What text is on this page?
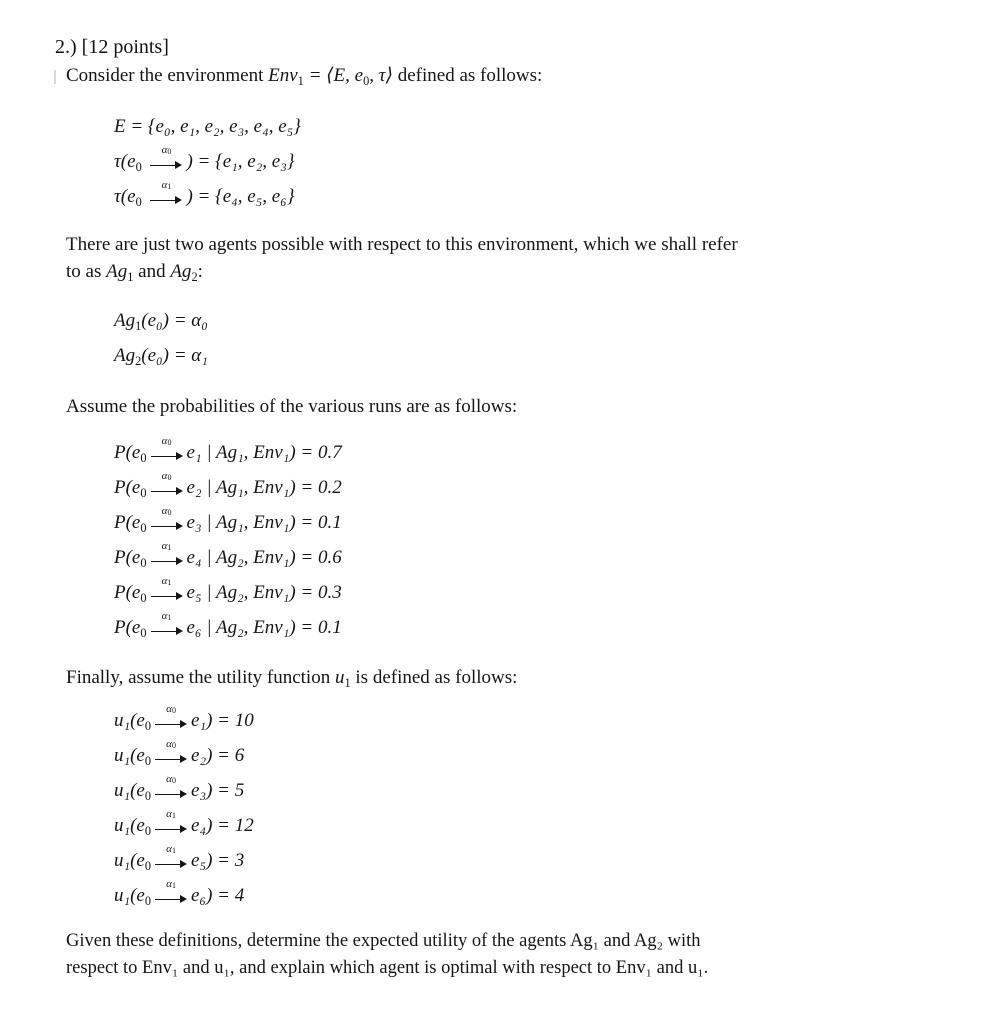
2.) [12 points]
Consider the environment Env1 = ⟨E, e0, τ⟩ defined as follows:
E = {e₀, e₁, e₂, e₃, e₄, e₅}
τ(e0
α0 ) = {e₁, e₂, e₃}
τ(e0
α1 ) = {e₄, e₅, e₆}
There are just two agents possible with respect to this environment, which we shall refer
to as Ag1 and Ag2:
Ag1(e₀) = α₀
Ag2(e₀) = α₁
Assume the probabilities of the various runs are as follows:
P(e0
α0 e₁ | Ag₁, Env₁) = 0.7
P(e0
α0 e₂ | Ag₁, Env₁) = 0.2
P(e0
α0 e₃ | Ag₁, Env₁) = 0.1
P(e0
α1 e₄ | Ag₂, Env₁) = 0.6
P(e0
α1 e₅ | Ag₂, Env₁) = 0.3
P(e0
α1 e₆ | Ag₂, Env₁) = 0.1
Finally, assume the utility function u1 is defined as follows:
u₁(e0
α0 e₁) = 10
u₁(e0
α0 e₂) = 6
u₁(e0
α0 e₃) = 5
u₁(e0
α1 e₄) = 12
u₁(e0
α1 e₅) = 3
u₁(e0
α1 e₆) = 4
Given these definitions, determine the expected utility of the agents Ag₁ and Ag₂ with
respect to Env₁ and u₁, and explain which agent is optimal with respect to Env₁ and u₁.
